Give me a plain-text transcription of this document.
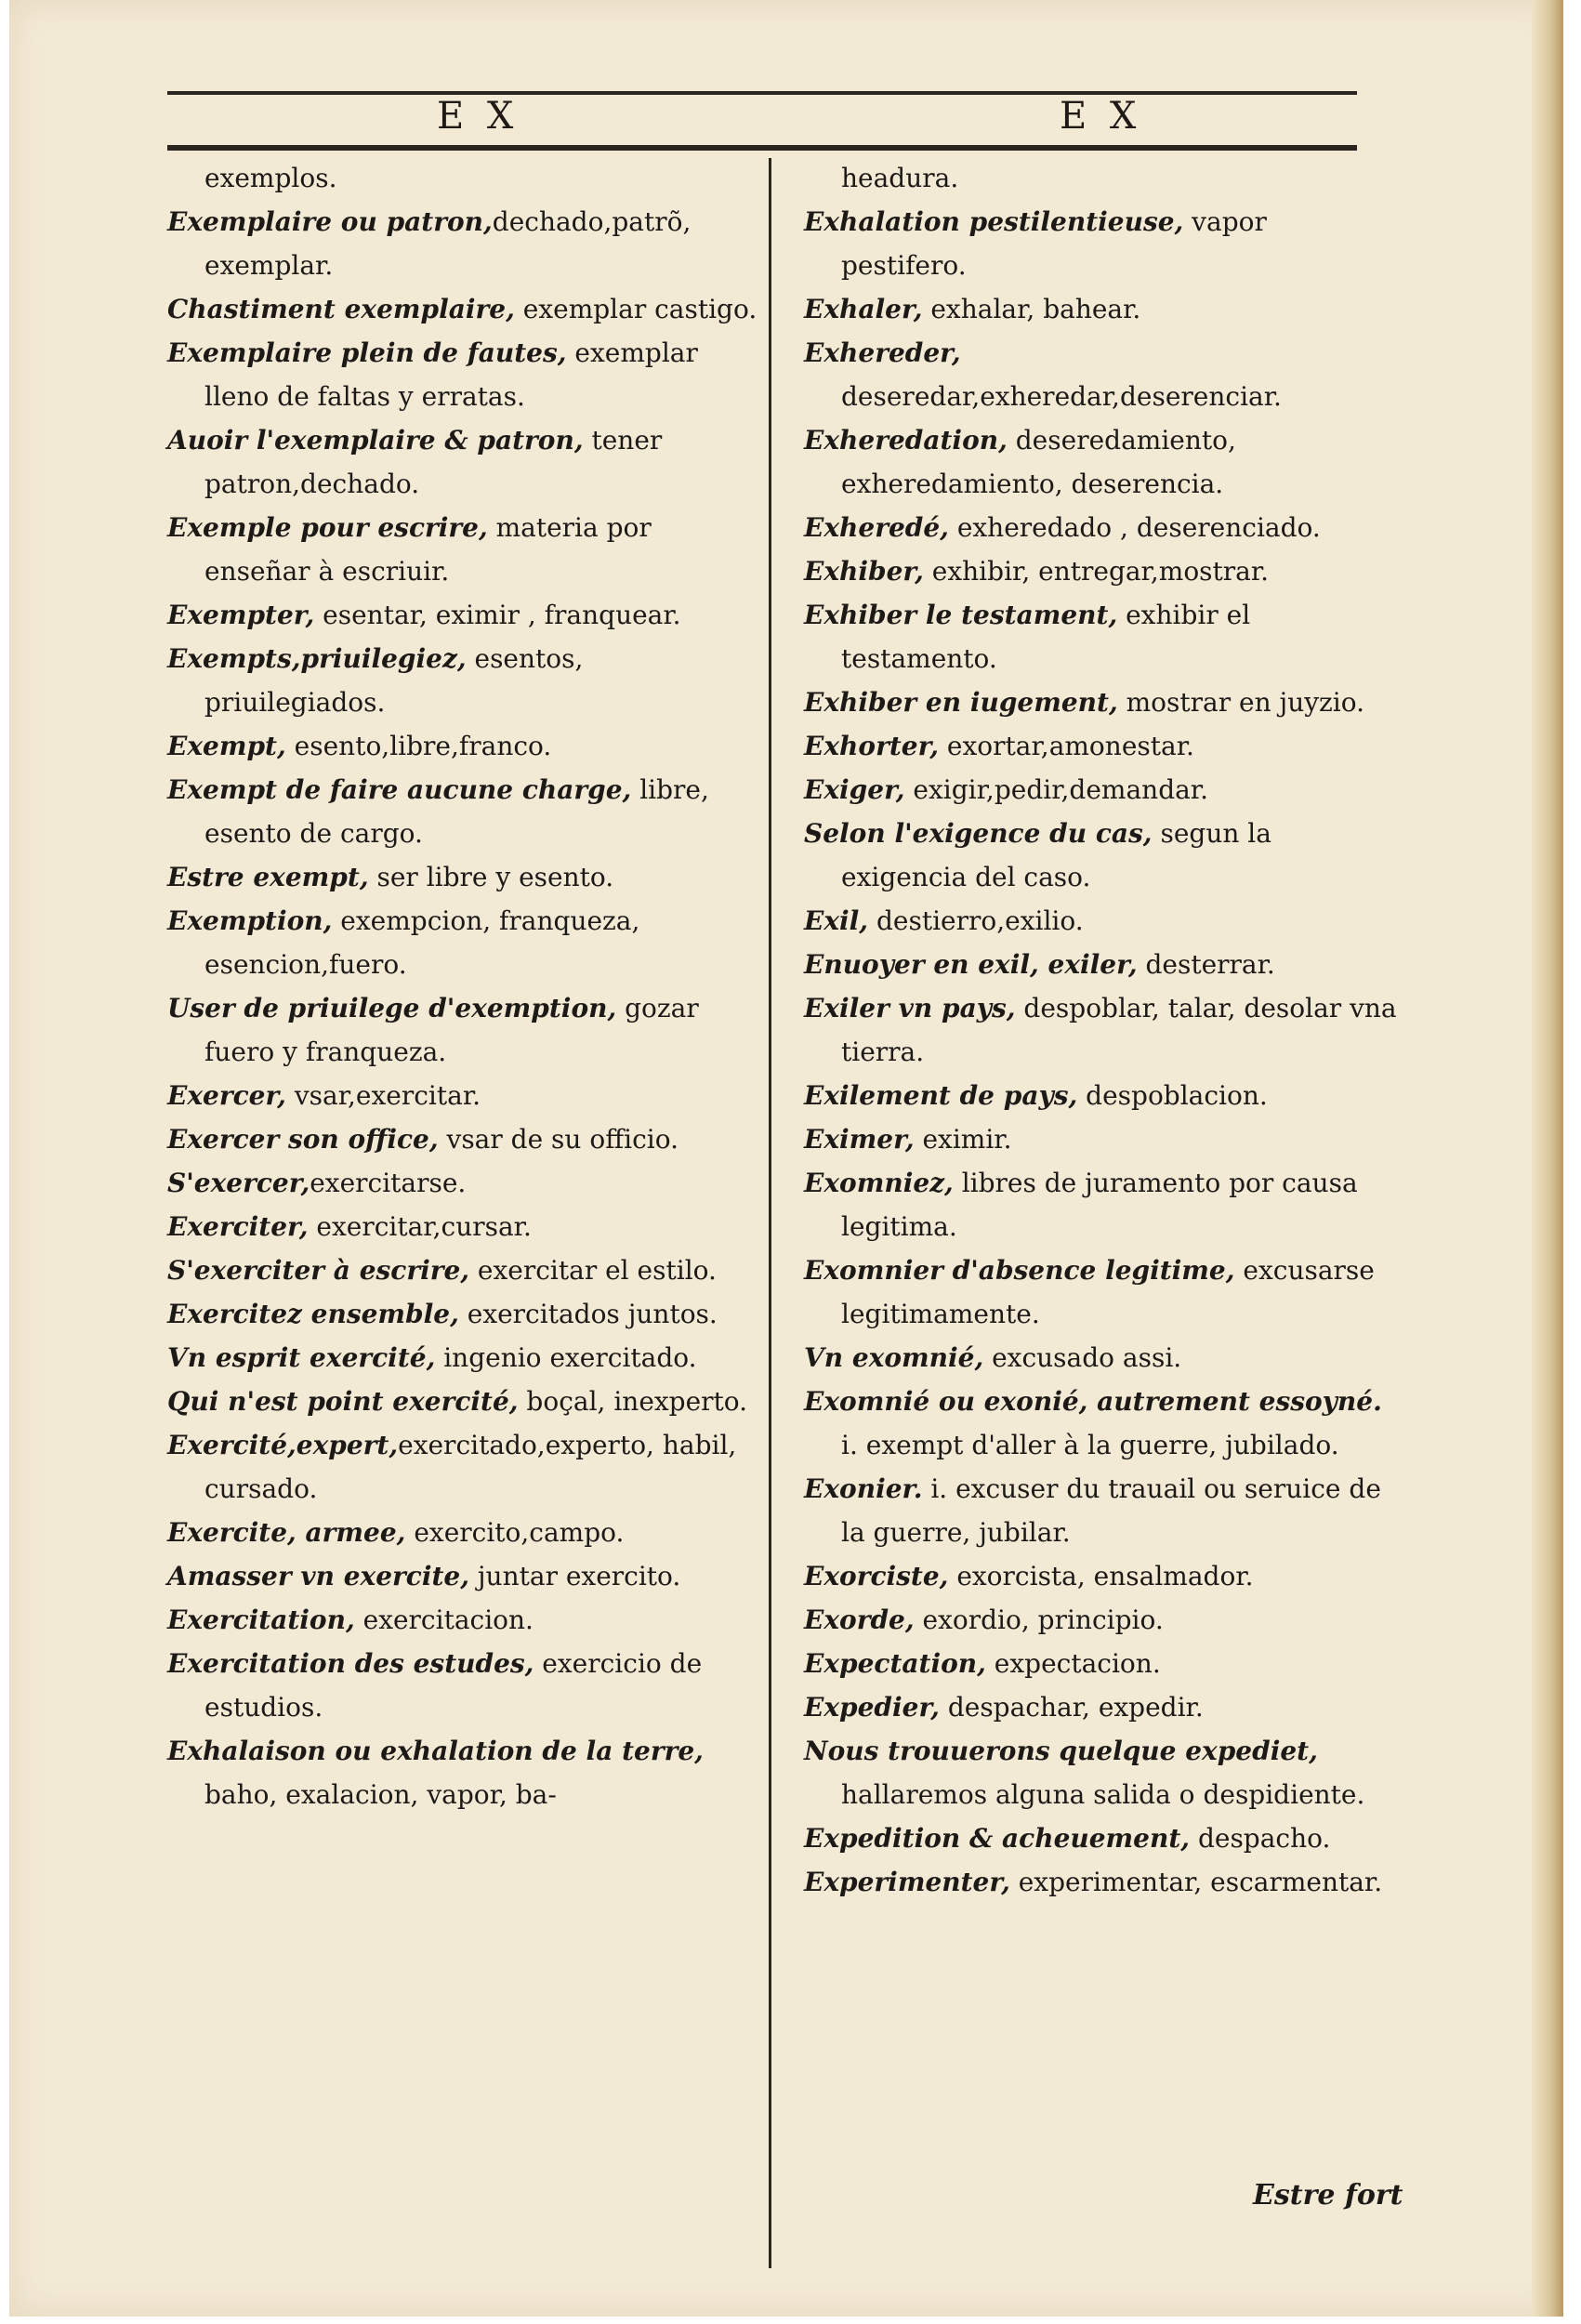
E X	E X

exemplos.

Exemplaire ou patron,dechado,patrõ, exemplar.

Chastiment exemplaire, exemplar castigo.

Exemplaire plein de fautes, exemplar lleno de faltas y erratas.

Auoir l'exemplaire & patron, tener patron,dechado.

Exemple pour escrire, materia por enseñar à escriuir.

Exempter, esentar, eximir , franquear.

Exempts,priuilegiez, esentos, priuilegiados.

Exempt, esento,libre,franco.

Exempt de faire aucune charge, libre, esento de cargo.

Estre exempt, ser libre y esento.

Exemption, exempcion, franqueza, esencion,fuero.

User de priuilege d'exemption, gozar fuero y franqueza.

Exercer, vsar,exercitar.

Exercer son office, vsar de su officio.

S'exercer,exercitarse.

Exerciter, exercitar,cursar.

S'exerciter à escrire, exercitar el estilo.

Exercitez ensemble, exercitados juntos.

Vn esprit exercité, ingenio exercitado.

Qui n'est point exercité, boçal, inexperto.

Exercité,expert,exercitado,experto, habil, cursado.

Exercite, armee, exercito,campo.

Amasser vn exercite, juntar exercito.

Exercitation, exercitacion.

Exercitation des estudes, exercicio de estudios.

Exhalaison ou exhalation de la terre, baho, exalacion, vapor, ba-

headura.

Exhalation pestilentieuse, vapor pestifero.

Exhaler, exhalar, bahear.

Exhereder, deseredar,exheredar,deserenciar.

Exheredation, deseredamiento, exheredamiento, deserencia.

Exheredé, exheredado , deserenciado.

Exhiber, exhibir, entregar,mostrar.

Exhiber le testament, exhibir el testamento.

Exhiber en iugement, mostrar en juyzio.

Exhorter, exortar,amonestar.

Exiger, exigir,pedir,demandar.

Selon l'exigence du cas, segun la exigencia del caso.

Exil, destierro,exilio.

Enuoyer en exil, exiler, desterrar.

Exiler vn pays, despoblar, talar, desolar vna tierra.

Exilement de pays, despoblacion.

Eximer, eximir.

Exomniez, libres de juramento por causa legitima.

Exomnier d'absence legitime, excusarse legitimamente.

Vn exomnié, excusado assi.

Exomnié ou exonié, autrement essoyné. i. exempt d'aller à la guerre, jubilado.

Exonier. i. excuser du trauail ou seruice de la guerre, jubilar.

Exorciste, exorcista, ensalmador.

Exorde, exordio, principio.

Expectation, expectacion.

Expedier, despachar, expedir.

Nous trouuerons quelque expediet, hallaremos alguna salida o despidiente.

Expedition & acheuement, despacho.

Experimenter, experimentar, escarmentar.

Estre fort
